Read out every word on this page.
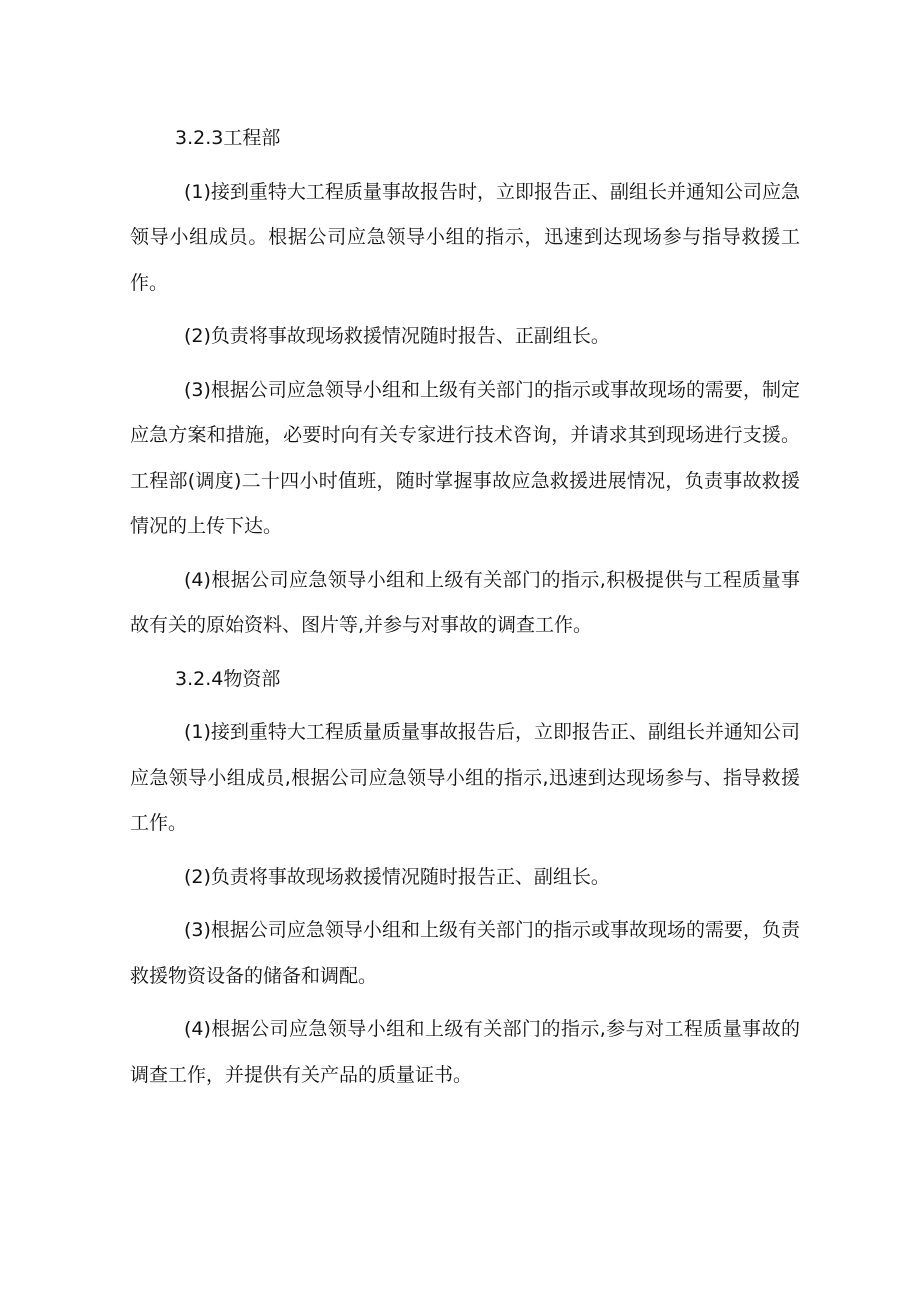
3.2.3工程部

(1)接到重特大工程质量事故报告时，立即报告正、副组长并通知公司应急领导小组成员。根据公司应急领导小组的指示，迅速到达现场参与指导救援工作。

(2)负责将事故现场救援情况随时报告、正副组长。

(3)根据公司应急领导小组和上级有关部门的指示或事故现场的需要，制定应急方案和措施，必要时向有关专家进行技术咨询，并请求其到现场进行支援。工程部(调度)二十四小时值班，随时掌握事故应急救援进展情况，负责事故救援情况的上传下达。

(4)根据公司应急领导小组和上级有关部门的指示,积极提供与工程质量事故有关的原始资料、图片等,并参与对事故的调查工作。

3.2.4物资部

(1)接到重特大工程质量质量事故报告后，立即报告正、副组长并通知公司应急领导小组成员,根据公司应急领导小组的指示,迅速到达现场参与、指导救援工作。

(2)负责将事故现场救援情况随时报告正、副组长。

(3)根据公司应急领导小组和上级有关部门的指示或事故现场的需要，负责救援物资设备的储备和调配。

(4)根据公司应急领导小组和上级有关部门的指示,参与对工程质量事故的调查工作，并提供有关产品的质量证书。
